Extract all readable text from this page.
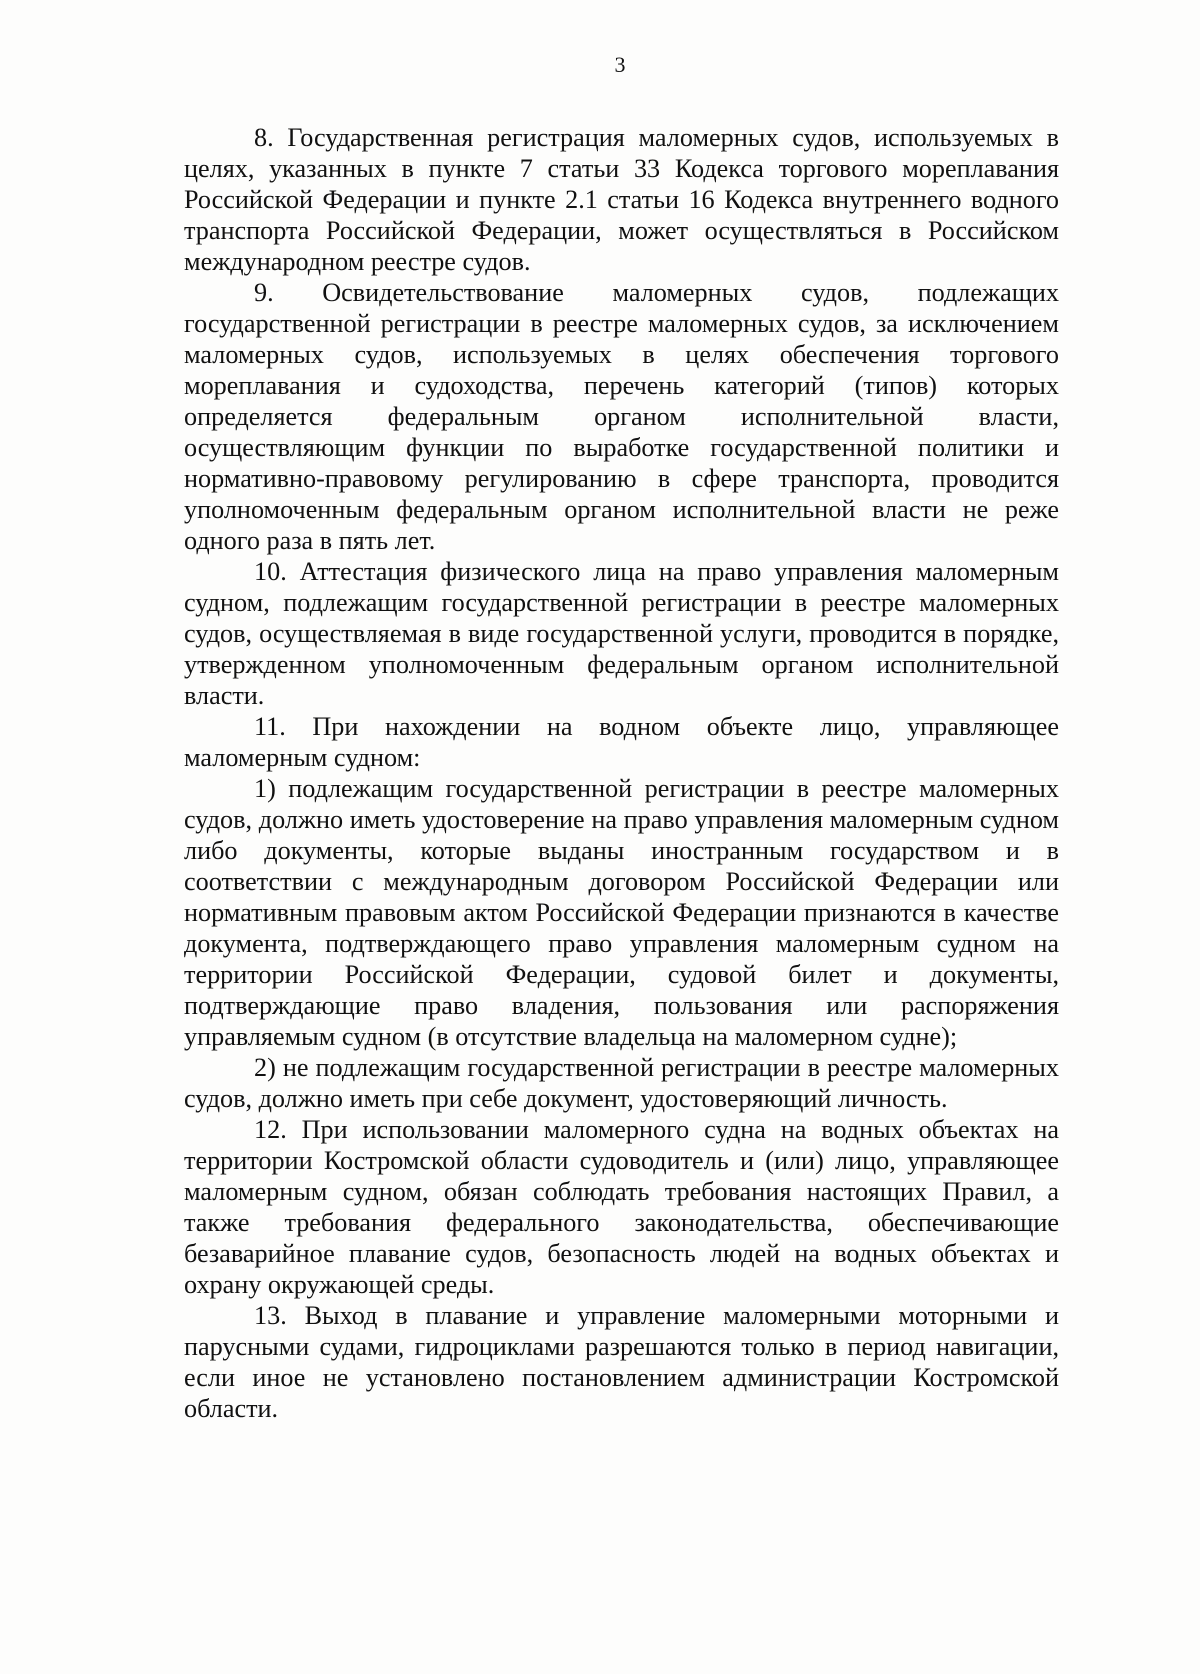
3

8. Государственная регистрация маломерных судов, используемых в целях, указанных в пункте 7 статьи 33 Кодекса торгового мореплавания Российской Федерации и пункте 2.1 статьи 16 Кодекса внутреннего водного транспорта Российской Федерации, может осуществляться в Российском международном реестре судов.

9. Освидетельствование маломерных судов, подлежащих государственной регистрации в реестре маломерных судов, за исключением маломерных судов, используемых в целях обеспечения торгового мореплавания и судоходства, перечень категорий (типов) которых определяется федеральным органом исполнительной власти, осуществляющим функции по выработке государственной политики и нормативно-правовому регулированию в сфере транспорта, проводится уполномоченным федеральным органом исполнительной власти не реже одного раза в пять лет.

10. Аттестация физического лица на право управления маломерным судном, подлежащим государственной регистрации в реестре маломерных судов, осуществляемая в виде государственной услуги, проводится в порядке, утвержденном уполномоченным федеральным органом исполнительной власти.

11. При нахождении на водном объекте лицо, управляющее маломерным судном:

1) подлежащим государственной регистрации в реестре маломерных судов, должно иметь удостоверение на право управления маломерным судном либо документы, которые выданы иностранным государством и в соответствии с международным договором Российской Федерации или нормативным правовым актом Российской Федерации признаются в качестве документа, подтверждающего право управления маломерным судном на территории Российской Федерации, судовой билет и документы, подтверждающие право владения, пользования или распоряжения управляемым судном (в отсутствие владельца на маломерном судне);

2) не подлежащим государственной регистрации в реестре маломерных судов, должно иметь при себе документ, удостоверяющий личность.

12. При использовании маломерного судна на водных объектах на территории Костромской области судоводитель и (или) лицо, управляющее маломерным судном, обязан соблюдать требования настоящих Правил, а также требования федерального законодательства, обеспечивающие безаварийное плавание судов, безопасность людей на водных объектах и охрану окружающей среды.

13. Выход в плавание и управление маломерными моторными и парусными судами, гидроциклами разрешаются только в период навигации, если иное не установлено постановлением администрации Костромской области.
